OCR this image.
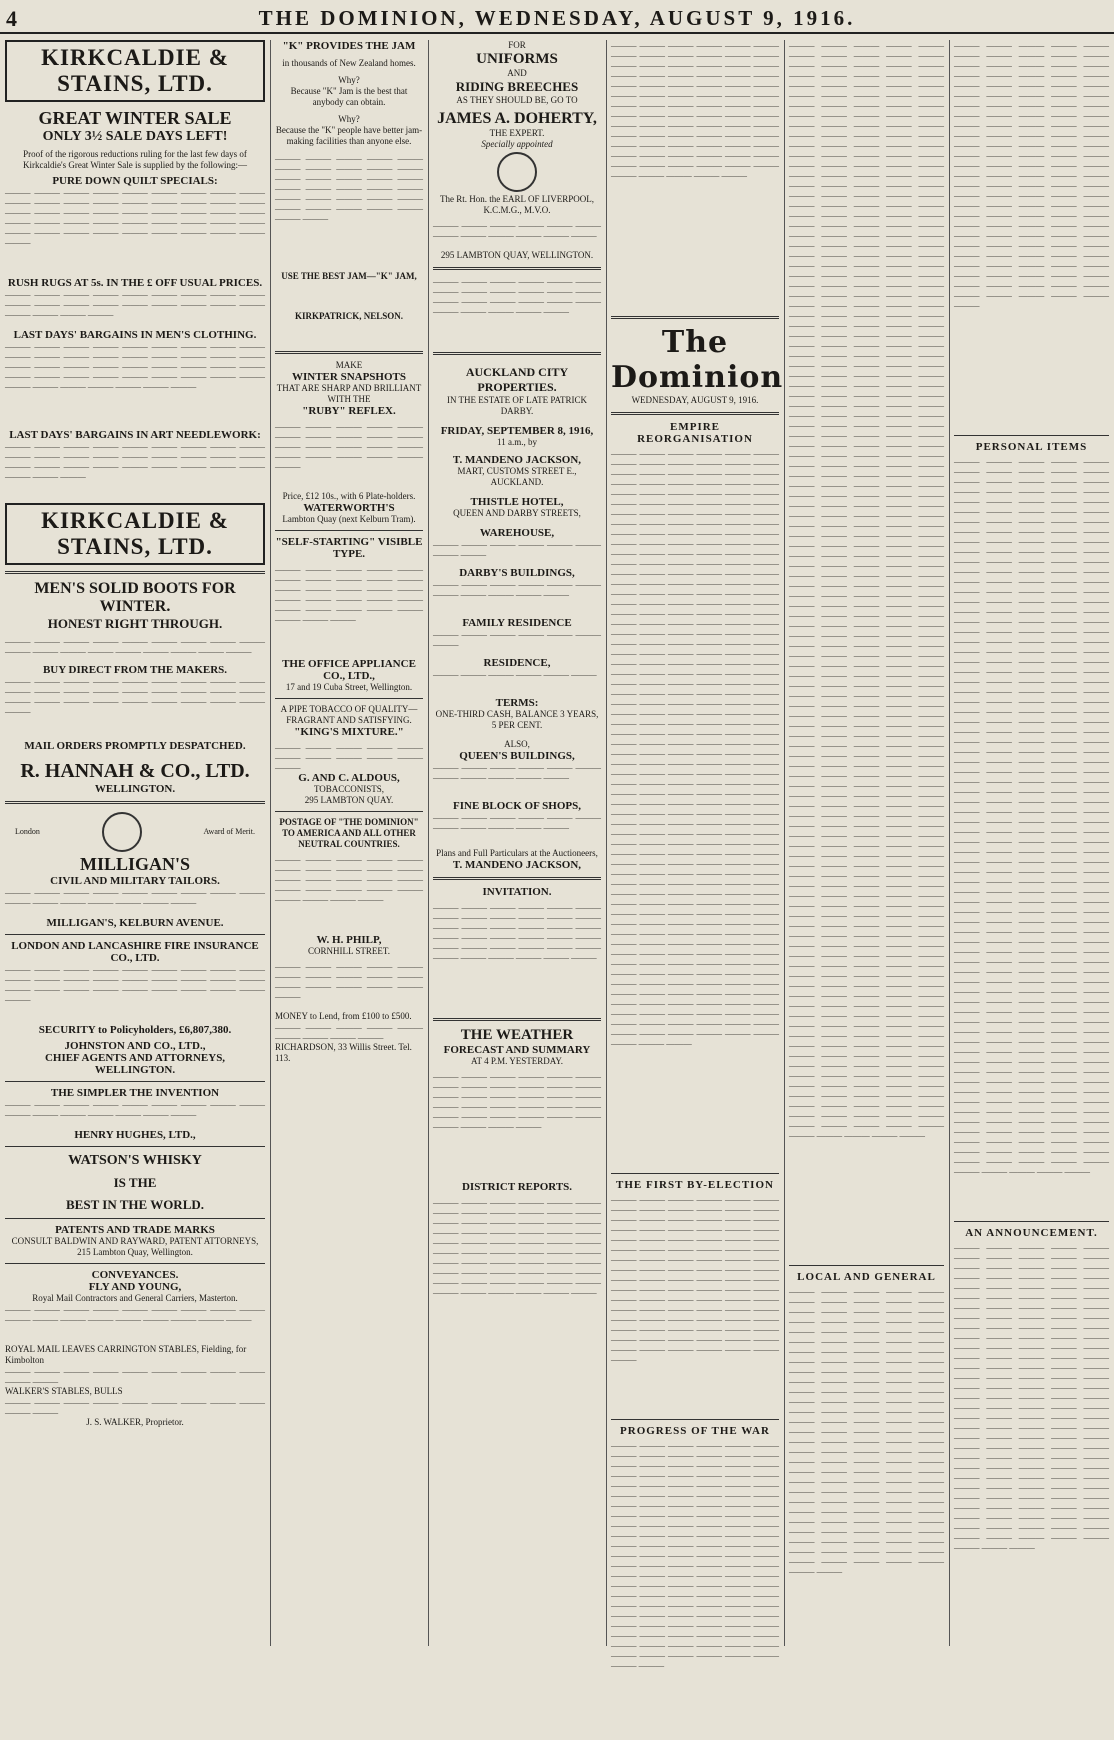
4	THE DOMINION, WEDNESDAY, AUGUST 9, 1916.
KIRKCALDIE & STAINS, LTD.
GREAT WINTER SALE
ONLY 3½ SALE DAYS LEFT!
Proof of the rigorous reductions ruling for the last few days of Kirkcaldie's Great Winter Sale is supplied by the following:—
PURE DOWN QUILT SPECIALS:
——— ——— ——— ——— ——— ——— ——— ——— ——— ——— ——— ——— ——— ——— ——— ——— ——— ——— ——— ——— ——— ——— ——— ——— ——— ——— ——— ——— ——— ——— ——— ——— ——— ——— ——— ——— ——— ——— ——— ——— ——— ——— ——— ——— ——— ———
RUSH RUGS AT 5s. IN THE £ OFF USUAL PRICES.
——— ——— ——— ——— ——— ——— ——— ——— ——— ——— ——— ——— ——— ——— ——— ——— ——— ——— ——— ——— ——— ———
LAST DAYS' BARGAINS IN MEN'S CLOTHING.
——— ——— ——— ——— ——— ——— ——— ——— ——— ——— ——— ——— ——— ——— ——— ——— ——— ——— ——— ——— ——— ——— ——— ——— ——— ——— ——— ——— ——— ——— ——— ——— ——— ——— ——— ——— ——— ——— ——— ——— ——— ——— ———
LAST DAYS' BARGAINS IN ART NEEDLEWORK:
——— ——— ——— ——— ——— ——— ——— ——— ——— ——— ——— ——— ——— ——— ——— ——— ——— ——— ——— ——— ——— ——— ——— ——— ——— ——— ——— ——— ——— ———
KIRKCALDIE & STAINS, LTD.
MEN'S SOLID BOOTS FOR WINTER.
HONEST RIGHT THROUGH.
——— ——— ——— ——— ——— ——— ——— ——— ——— ——— ——— ——— ——— ——— ——— ——— ——— ———
BUY DIRECT FROM THE MAKERS.
——— ——— ——— ——— ——— ——— ——— ——— ——— ——— ——— ——— ——— ——— ——— ——— ——— ——— ——— ——— ——— ——— ——— ——— ——— ——— ——— ———
MAIL ORDERS PROMPTLY DESPATCHED.
R. HANNAH & CO., LTD.
WELLINGTON.
London	Award of Merit.
MILLIGAN'S
CIVIL AND MILITARY TAILORS.
——— ——— ——— ——— ——— ——— ——— ——— ——— ——— ——— ——— ——— ——— ——— ———
MILLIGAN'S, KELBURN AVENUE.
LONDON AND LANCASHIRE FIRE INSURANCE CO., LTD.
——— ——— ——— ——— ——— ——— ——— ——— ——— ——— ——— ——— ——— ——— ——— ——— ——— ——— ——— ——— ——— ——— ——— ——— ——— ——— ——— ———
SECURITY to Policyholders, £6,807,380.
JOHNSTON AND CO., LTD.,
CHIEF AGENTS AND ATTORNEYS, WELLINGTON.
THE SIMPLER THE INVENTION
——— ——— ——— ——— ——— ——— ——— ——— ——— ——— ——— ——— ——— ——— ——— ———
HENRY HUGHES, LTD.,
WATSON'S WHISKY
IS THE
BEST IN THE WORLD.
PATENTS AND TRADE MARKS
CONSULT BALDWIN AND RAYWARD, PATENT ATTORNEYS,
215 Lambton Quay, Wellington.
CONVEYANCES.
FLY AND YOUNG,
Royal Mail Contractors and General Carriers, Masterton.
——— ——— ——— ——— ——— ——— ——— ——— ——— ——— ——— ——— ——— ——— ——— ——— ——— ———
ROYAL MAIL LEAVES CARRINGTON STABLES, Fielding, for Kimbolton
——— ——— ——— ——— ——— ——— ——— ——— ——— ——— ———
WALKER'S STABLES, BULLS
——— ——— ——— ——— ——— ——— ——— ——— ——— ——— ———
J. S. WALKER, Proprietor.
"K" PROVIDES THE JAM
in thousands of New Zealand homes.
Why?
Because "K" Jam is the best that anybody can obtain.
Why?
Because the "K" people have better jam-making facilities than anyone else.
——— ——— ——— ——— ——— ——— ——— ——— ——— ——— ——— ——— ——— ——— ——— ——— ——— ——— ——— ——— ——— ——— ——— ——— ——— ——— ——— ——— ——— ——— ——— ———
USE THE BEST JAM—"K" JAM,
KIRKPATRICK, NELSON.
MAKE
WINTER SNAPSHOTS
THAT ARE SHARP AND BRILLIANT WITH THE
"RUBY" REFLEX.
——— ——— ——— ——— ——— ——— ——— ——— ——— ——— ——— ——— ——— ——— ——— ——— ——— ——— ——— ——— ———
Price, £12 10s., with 6 Plate-holders.
WATERWORTH'S
Lambton Quay (next Kelburn Tram).
"SELF-STARTING" VISIBLE TYPE.
——— ——— ——— ——— ——— ——— ——— ——— ——— ——— ——— ——— ——— ——— ——— ——— ——— ——— ——— ——— ——— ——— ——— ——— ——— ——— ——— ———
THE OFFICE APPLIANCE CO., LTD.,
17 and 19 Cuba Street, Wellington.
A PIPE TOBACCO OF QUALITY— FRAGRANT AND SATISFYING.
"KING'S MIXTURE."
——— ——— ——— ——— ——— ——— ——— ——— ——— ——— ———
G. AND C. ALDOUS,
TOBACCONISTS,
295 LAMBTON QUAY.
POSTAGE OF "THE DOMINION" TO AMERICA AND ALL OTHER NEUTRAL COUNTRIES.
——— ——— ——— ——— ——— ——— ——— ——— ——— ——— ——— ——— ——— ——— ——— ——— ——— ——— ——— ——— ——— ——— ——— ———
W. H. PHILP,
CORNHILL STREET.
——— ——— ——— ——— ——— ——— ——— ——— ——— ——— ——— ——— ——— ——— ——— ———
MONEY to Lend, from £100 to £500.
——— ——— ——— ——— ——— ——— ——— ——— ———
RICHARDSON, 33 Willis Street. Tel. 113.
FOR
UNIFORMS
AND
RIDING BREECHES
AS THEY SHOULD BE, GO TO
JAMES A. DOHERTY,
THE EXPERT.
Specially appointed
The Rt. Hon. the EARL OF LIVERPOOL, K.C.M.G., M.V.O.
——— ——— ——— ——— ——— ——— ——— ——— ——— ——— ——— ———
295 LAMBTON QUAY, WELLINGTON.
——— ——— ——— ——— ——— ——— ——— ——— ——— ——— ——— ——— ——— ——— ——— ——— ——— ——— ——— ——— ——— ——— ———
AUCKLAND CITY PROPERTIES.
IN THE ESTATE OF LATE PATRICK DARBY.
FRIDAY, SEPTEMBER 8, 1916,
11 a.m., by
T. MANDENO JACKSON,
MART, CUSTOMS STREET E., AUCKLAND.
THISTLE HOTEL,
QUEEN AND DARBY STREETS,
WAREHOUSE,
——— ——— ——— ——— ——— ——— ——— ———
DARBY'S BUILDINGS,
——— ——— ——— ——— ——— ——— ——— ——— ——— ——— ———
FAMILY RESIDENCE
——— ——— ——— ——— ——— ——— ———
RESIDENCE,
——— ——— ——— ——— ——— ———
TERMS:
ONE-THIRD CASH, BALANCE 3 YEARS, 5 PER CENT.
ALSO,
QUEEN'S BUILDINGS,
——— ——— ——— ——— ——— ——— ——— ——— ——— ——— ———
FINE BLOCK OF SHOPS,
——— ——— ——— ——— ——— ——— ——— ——— ——— ——— ———
Plans and Full Particulars at the Auctioneers,
T. MANDENO JACKSON,
INVITATION.
——— ——— ——— ——— ——— ——— ——— ——— ——— ——— ——— ——— ——— ——— ——— ——— ——— ——— ——— ——— ——— ——— ——— ——— ——— ——— ——— ——— ——— ——— ——— ——— ——— ——— ——— ———
THE WEATHER
FORECAST AND SUMMARY
AT 4 P.M. YESTERDAY.
——— ——— ——— ——— ——— ——— ——— ——— ——— ——— ——— ——— ——— ——— ——— ——— ——— ——— ——— ——— ——— ——— ——— ——— ——— ——— ——— ——— ——— ——— ——— ——— ——— ———
DISTRICT REPORTS.
——— ——— ——— ——— ——— ——— ——— ——— ——— ——— ——— ——— ——— ——— ——— ——— ——— ——— ——— ——— ——— ——— ——— ——— ——— ——— ——— ——— ——— ——— ——— ——— ——— ——— ——— ——— ——— ——— ——— ——— ——— ——— ——— ——— ——— ——— ——— ——— ——— ——— ——— ——— ——— ——— ——— ——— ——— ——— ——— ———
——— ——— ——— ——— ——— ——— ——— ——— ——— ——— ——— ——— ——— ——— ——— ——— ——— ——— ——— ——— ——— ——— ——— ——— ——— ——— ——— ——— ——— ——— ——— ——— ——— ——— ——— ——— ——— ——— ——— ——— ——— ——— ——— ——— ——— ——— ——— ——— ——— ——— ——— ——— ——— ——— ——— ——— ——— ——— ——— ——— ——— ——— ——— ——— ——— ——— ——— ——— ——— ——— ——— ——— ——— ——— ——— ——— ——— ——— ——— ——— ——— ——— ———
The Dominion
WEDNESDAY, AUGUST 9, 1916.
EMPIRE REORGANISATION
——— ——— ——— ——— ——— ——— ——— ——— ——— ——— ——— ——— ——— ——— ——— ——— ——— ——— ——— ——— ——— ——— ——— ——— ——— ——— ——— ——— ——— ——— ——— ——— ——— ——— ——— ——— ——— ——— ——— ——— ——— ——— ——— ——— ——— ——— ——— ——— ——— ——— ——— ——— ——— ——— ——— ——— ——— ——— ——— ——— ——— ——— ——— ——— ——— ——— ——— ——— ——— ——— ——— ——— ——— ——— ——— ——— ——— ——— ——— ——— ——— ——— ——— ——— ——— ——— ——— ——— ——— ——— ——— ——— ——— ——— ——— ——— ——— ——— ——— ——— ——— ——— ——— ——— ——— ——— ——— ——— ——— ——— ——— ——— ——— ——— ——— ——— ——— ——— ——— ——— ——— ——— ——— ——— ——— ——— ——— ——— ——— ——— ——— ——— ——— ——— ——— ——— ——— ——— ——— ——— ——— ——— ——— ——— ——— ——— ——— ——— ——— ——— ——— ——— ——— ——— ——— ——— ——— ——— ——— ——— ——— ——— ——— ——— ——— ——— ——— ——— ——— ——— ——— ——— ——— ——— ——— ——— ——— ——— ——— ——— ——— ——— ——— ——— ——— ——— ——— ——— ——— ——— ——— ——— ——— ——— ——— ——— ——— ——— ——— ——— ——— ——— ——— ——— ——— ——— ——— ——— ——— ——— ——— ——— ——— ——— ——— ——— ——— ——— ——— ——— ——— ——— ——— ——— ——— ——— ——— ——— ——— ——— ——— ——— ——— ——— ——— ——— ——— ——— ——— ——— ——— ——— ——— ——— ——— ——— ——— ——— ——— ——— ——— ——— ——— ——— ——— ——— ——— ——— ——— ——— ——— ——— ——— ——— ——— ——— ——— ——— ——— ——— ——— ——— ——— ——— ——— ——— ——— ——— ——— ——— ——— ——— ——— ——— ——— ——— ——— ——— ——— ——— ——— ——— ——— ——— ——— ——— ——— ——— ——— ——— ——— ——— ——— ——— ——— ——— ——— ——— ——— ——— ——— ——— ——— ——— ——— ——— ——— ——— ——— ——— ——— ——— ——— ——— ——— ——— ——— ——— ——— ——— ——— ——— ——— ——— ——— ——— ——— ——— ——— ——— ——— ——— ——— ——— ——— ——— ——— ——— ——— ——— ——— ——— ——— ——— ——— ——— ———
THE FIRST BY-ELECTION
——— ——— ——— ——— ——— ——— ——— ——— ——— ——— ——— ——— ——— ——— ——— ——— ——— ——— ——— ——— ——— ——— ——— ——— ——— ——— ——— ——— ——— ——— ——— ——— ——— ——— ——— ——— ——— ——— ——— ——— ——— ——— ——— ——— ——— ——— ——— ——— ——— ——— ——— ——— ——— ——— ——— ——— ——— ——— ——— ——— ——— ——— ——— ——— ——— ——— ——— ——— ——— ——— ——— ——— ——— ——— ——— ——— ——— ——— ——— ——— ——— ——— ——— ——— ——— ——— ——— ——— ——— ——— ——— ——— ——— ——— ——— ——— ———
PROGRESS OF THE WAR
——— ——— ——— ——— ——— ——— ——— ——— ——— ——— ——— ——— ——— ——— ——— ——— ——— ——— ——— ——— ——— ——— ——— ——— ——— ——— ——— ——— ——— ——— ——— ——— ——— ——— ——— ——— ——— ——— ——— ——— ——— ——— ——— ——— ——— ——— ——— ——— ——— ——— ——— ——— ——— ——— ——— ——— ——— ——— ——— ——— ——— ——— ——— ——— ——— ——— ——— ——— ——— ——— ——— ——— ——— ——— ——— ——— ——— ——— ——— ——— ——— ——— ——— ——— ——— ——— ——— ——— ——— ——— ——— ——— ——— ——— ——— ——— ——— ——— ——— ——— ——— ——— ——— ——— ——— ——— ——— ——— ——— ——— ——— ——— ——— ——— ——— ——— ——— ——— ——— ——— ——— ——— ——— ——— ——— ——— ——— ——— ——— ——— ——— ——— ——— ———
——— ——— ——— ——— ——— ——— ——— ——— ——— ——— ——— ——— ——— ——— ——— ——— ——— ——— ——— ——— ——— ——— ——— ——— ——— ——— ——— ——— ——— ——— ——— ——— ——— ——— ——— ——— ——— ——— ——— ——— ——— ——— ——— ——— ——— ——— ——— ——— ——— ——— ——— ——— ——— ——— ——— ——— ——— ——— ——— ——— ——— ——— ——— ——— ——— ——— ——— ——— ——— ——— ——— ——— ——— ——— ——— ——— ——— ——— ——— ——— ——— ——— ——— ——— ——— ——— ——— ——— ——— ——— ——— ——— ——— ——— ——— ——— ——— ——— ——— ——— ——— ——— ——— ——— ——— ——— ——— ——— ——— ——— ——— ——— ——— ——— ——— ——— ——— ——— ——— ——— ——— ——— ——— ——— ——— ——— ——— ——— ——— ——— ——— ——— ——— ——— ——— ——— ——— ——— ——— ——— ——— ——— ——— ——— ——— ——— ——— ——— ——— ——— ——— ——— ——— ——— ——— ——— ——— ——— ——— ——— ——— ——— ——— ——— ——— ——— ——— ——— ——— ——— ——— ——— ——— ——— ——— ——— ——— ——— ——— ——— ——— ——— ——— ——— ——— ——— ——— ——— ——— ——— ——— ——— ——— ——— ——— ——— ——— ——— ——— ——— ——— ——— ——— ——— ——— ——— ——— ——— ——— ——— ——— ——— ——— ——— ——— ——— ——— ——— ——— ——— ——— ——— ——— ——— ——— ——— ——— ——— ——— ——— ——— ——— ——— ——— ——— ——— ——— ——— ——— ——— ——— ——— ——— ——— ——— ——— ——— ——— ——— ——— ——— ——— ——— ——— ——— ——— ——— ——— ——— ——— ——— ——— ——— ——— ——— ——— ——— ——— ——— ——— ——— ——— ——— ——— ——— ——— ——— ——— ——— ——— ——— ——— ——— ——— ——— ——— ——— ——— ——— ——— ——— ——— ——— ——— ——— ——— ——— ——— ——— ——— ——— ——— ——— ——— ——— ——— ——— ——— ——— ——— ——— ——— ——— ——— ——— ——— ——— ——— ——— ——— ——— ——— ——— ——— ——— ——— ——— ——— ——— ——— ——— ——— ——— ——— ——— ——— ——— ——— ——— ——— ——— ——— ——— ——— ——— ——— ——— ——— ——— ——— ——— ——— ——— ——— ——— ——— ——— ——— ——— ——— ——— ——— ——— ——— ——— ——— ——— ——— ——— ——— ——— ——— ——— ——— ——— ——— ——— ——— ——— ——— ——— ——— ——— ——— ——— ——— ——— ——— ——— ——— ——— ——— ——— ——— ——— ——— ——— ——— ——— ——— ——— ——— ——— ——— ——— ——— ——— ——— ——— ——— ——— ——— ——— ——— ——— ——— ——— ——— ——— ——— ——— ——— ——— ——— ——— ——— ——— ——— ——— ——— ——— ——— ——— ——— ——— ——— ——— ——— ——— ——— ——— ——— ——— ——— ——— ——— ——— ——— ——— ——— ——— ——— ——— ——— ——— ——— ——— ——— ——— ——— ——— ——— ——— ——— ——— ——— ——— ——— ——— ——— ——— ——— ——— ——— ——— ——— ——— ——— ——— ——— ——— ——— ——— ——— ——— ——— ——— ——— ——— ——— ——— ——— ——— ——— ——— ——— ——— ——— ——— ——— ——— ——— ——— ——— ——— ——— ——— ——— ——— ——— ——— ——— ——— ——— ——— ——— ——— ——— ——— ——— ——— ——— ——— ——— ——— ——— ——— ——— ——— ——— ——— ——— ——— ——— ——— ——— ——— ——— ——— ——— ——— ——— ——— ——— ——— ——— ——— ——— ——— ———
LOCAL AND GENERAL
——— ——— ——— ——— ——— ——— ——— ——— ——— ——— ——— ——— ——— ——— ——— ——— ——— ——— ——— ——— ——— ——— ——— ——— ——— ——— ——— ——— ——— ——— ——— ——— ——— ——— ——— ——— ——— ——— ——— ——— ——— ——— ——— ——— ——— ——— ——— ——— ——— ——— ——— ——— ——— ——— ——— ——— ——— ——— ——— ——— ——— ——— ——— ——— ——— ——— ——— ——— ——— ——— ——— ——— ——— ——— ——— ——— ——— ——— ——— ——— ——— ——— ——— ——— ——— ——— ——— ——— ——— ——— ——— ——— ——— ——— ——— ——— ——— ——— ——— ——— ——— ——— ——— ——— ——— ——— ——— ——— ——— ——— ——— ——— ——— ——— ——— ——— ——— ——— ——— ——— ——— ——— ——— ——— ——— ——— ——— ——— ——— ——— ——— ——— ——— ——— ——— ——— ——— ——— ——— ——— ——— ———
——— ——— ——— ——— ——— ——— ——— ——— ——— ——— ——— ——— ——— ——— ——— ——— ——— ——— ——— ——— ——— ——— ——— ——— ——— ——— ——— ——— ——— ——— ——— ——— ——— ——— ——— ——— ——— ——— ——— ——— ——— ——— ——— ——— ——— ——— ——— ——— ——— ——— ——— ——— ——— ——— ——— ——— ——— ——— ——— ——— ——— ——— ——— ——— ——— ——— ——— ——— ——— ——— ——— ——— ——— ——— ——— ——— ——— ——— ——— ——— ——— ——— ——— ——— ——— ——— ——— ——— ——— ——— ——— ——— ——— ——— ——— ——— ——— ——— ——— ——— ——— ——— ——— ——— ——— ——— ——— ——— ——— ——— ——— ——— ——— ——— ——— ——— ——— ——— ——— ——— ——— ——— ——— ——— ——— ——— ——— ——— ——— ——— ———
PERSONAL ITEMS
——— ——— ——— ——— ——— ——— ——— ——— ——— ——— ——— ——— ——— ——— ——— ——— ——— ——— ——— ——— ——— ——— ——— ——— ——— ——— ——— ——— ——— ——— ——— ——— ——— ——— ——— ——— ——— ——— ——— ——— ——— ——— ——— ——— ——— ——— ——— ——— ——— ——— ——— ——— ——— ——— ——— ——— ——— ——— ——— ——— ——— ——— ——— ——— ——— ——— ——— ——— ——— ——— ——— ——— ——— ——— ——— ——— ——— ——— ——— ——— ——— ——— ——— ——— ——— ——— ——— ——— ——— ——— ——— ——— ——— ——— ——— ——— ——— ——— ——— ——— ——— ——— ——— ——— ——— ——— ——— ——— ——— ——— ——— ——— ——— ——— ——— ——— ——— ——— ——— ——— ——— ——— ——— ——— ——— ——— ——— ——— ——— ——— ——— ——— ——— ——— ——— ——— ——— ——— ——— ——— ——— ——— ——— ——— ——— ——— ——— ——— ——— ——— ——— ——— ——— ——— ——— ——— ——— ——— ——— ——— ——— ——— ——— ——— ——— ——— ——— ——— ——— ——— ——— ——— ——— ——— ——— ——— ——— ——— ——— ——— ——— ——— ——— ——— ——— ——— ——— ——— ——— ——— ——— ——— ——— ——— ——— ——— ——— ——— ——— ——— ——— ——— ——— ——— ——— ——— ——— ——— ——— ——— ——— ——— ——— ——— ——— ——— ——— ——— ——— ——— ——— ——— ——— ——— ——— ——— ——— ——— ——— ——— ——— ——— ——— ——— ——— ——— ——— ——— ——— ——— ——— ——— ——— ——— ——— ——— ——— ——— ——— ——— ——— ——— ——— ——— ——— ——— ——— ——— ——— ——— ——— ——— ——— ——— ——— ——— ——— ——— ——— ——— ——— ——— ——— ——— ——— ——— ——— ——— ——— ——— ——— ——— ——— ——— ——— ——— ——— ——— ——— ——— ——— ——— ——— ——— ——— ——— ——— ——— ——— ——— ——— ——— ——— ——— ——— ——— ——— ——— ——— ——— ——— ——— ——— ——— ——— ——— ——— ——— ——— ——— ——— ——— ——— ——— ——— ——— ——— ——— ——— ——— ——— ——— ——— ——— ——— ——— ——— ——— ——— ——— ——— ——— ——— ——— ——— ——— ——— ——— ——— ——— ——— ——— ——— ——— ——— ——— ——— ——— ——— ———
AN ANNOUNCEMENT.
——— ——— ——— ——— ——— ——— ——— ——— ——— ——— ——— ——— ——— ——— ——— ——— ——— ——— ——— ——— ——— ——— ——— ——— ——— ——— ——— ——— ——— ——— ——— ——— ——— ——— ——— ——— ——— ——— ——— ——— ——— ——— ——— ——— ——— ——— ——— ——— ——— ——— ——— ——— ——— ——— ——— ——— ——— ——— ——— ——— ——— ——— ——— ——— ——— ——— ——— ——— ——— ——— ——— ——— ——— ——— ——— ——— ——— ——— ——— ——— ——— ——— ——— ——— ——— ——— ——— ——— ——— ——— ——— ——— ——— ——— ——— ——— ——— ——— ——— ——— ——— ——— ——— ——— ——— ——— ——— ——— ——— ——— ——— ——— ——— ——— ——— ——— ——— ——— ——— ——— ——— ——— ——— ——— ——— ——— ——— ——— ——— ——— ——— ——— ——— ——— ——— ——— ——— ——— ——— ——— ——— ——— ——— ——— ——— ——— ——— ——— ——— ——— ——— ——— ———
